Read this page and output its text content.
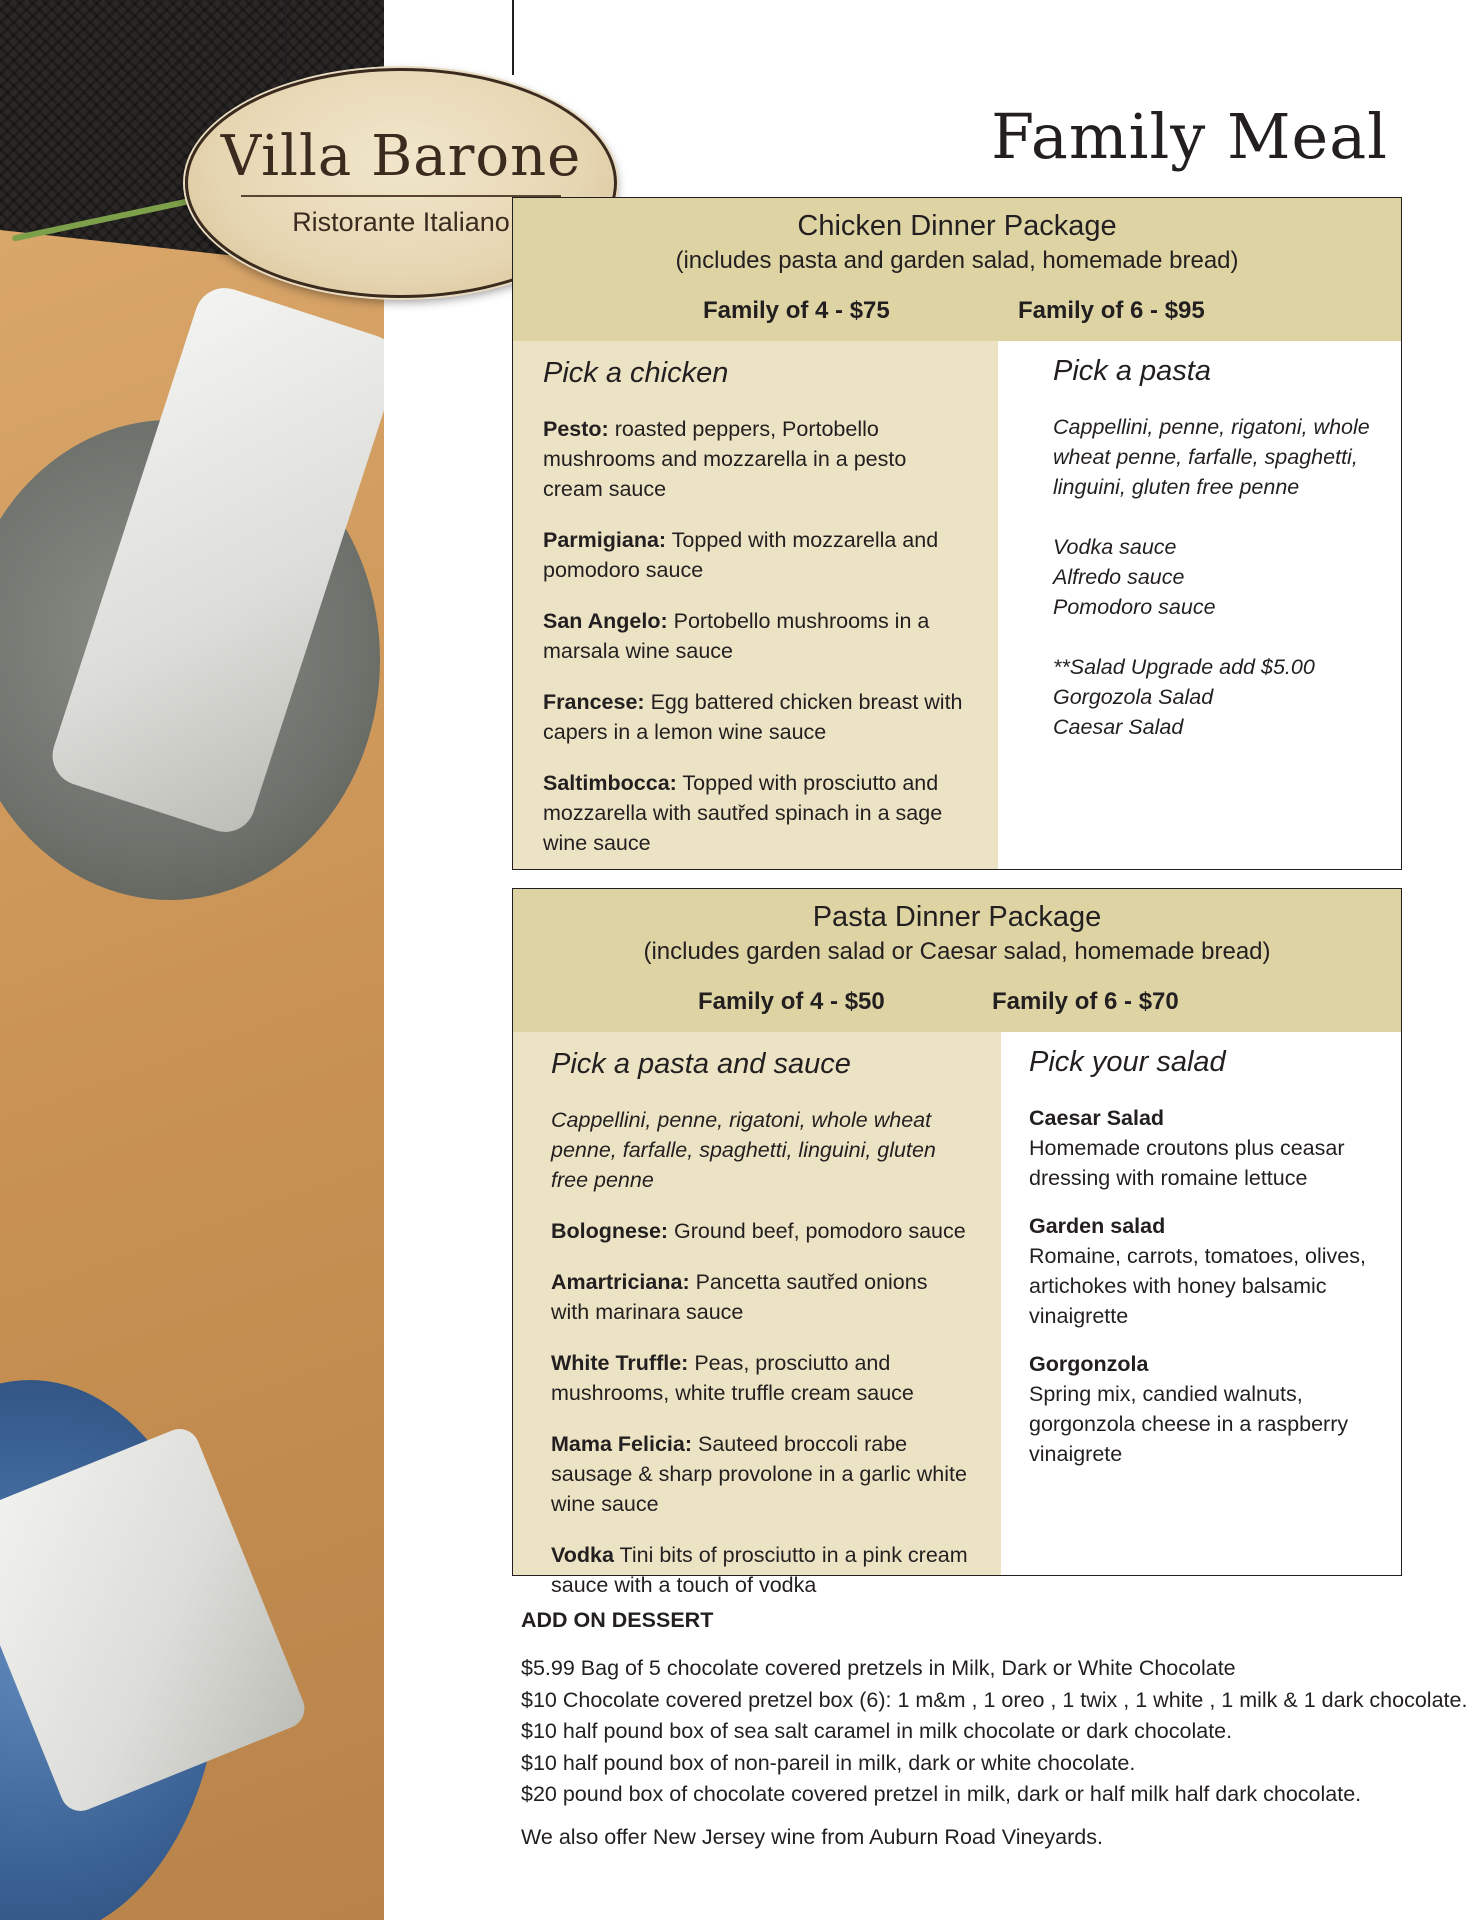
Villa Barone
Ristorante Italiano
Family Meal
Chicken Dinner Package
(includes pasta and garden salad, homemade bread)
Family of 4 - $75	Family of 6 - $95
Pick a chicken
Pesto: roasted peppers, Portobello mushrooms and mozzarella in a pesto cream sauce
Parmigiana: Topped with mozzarella and pomodoro sauce
San Angelo: Portobello mushrooms in a marsala wine sauce
Francese: Egg battered chicken breast with capers in a lemon wine sauce
Saltimbocca: Topped with prosciutto and mozzarella with sautřed spinach in a sage wine sauce
Pick a pasta
Cappellini, penne, rigatoni, whole
wheat penne, farfalle, spaghetti,
linguini, gluten free penne
Vodka sauce
Alfredo sauce
Pomodoro sauce
**Salad Upgrade add $5.00
Gorgozola Salad
Caesar Salad
Pasta Dinner Package
(includes garden salad or Caesar salad, homemade bread)
Family of 4 - $50	Family of 6 - $70
Pick a pasta and sauce
Cappellini, penne, rigatoni, whole wheat penne, farfalle, spaghetti, linguini, gluten free penne
Bolognese: Ground beef, pomodoro sauce
Amartriciana: Pancetta sautřed onions with marinara sauce
White Truffle: Peas, prosciutto and mushrooms, white truffle cream sauce
Mama Felicia: Sauteed broccoli rabe sausage & sharp provolone in a garlic white wine sauce
Vodka Tini bits of prosciutto in a pink cream sauce with a touch of vodka
Pick your salad
Caesar Salad
Homemade croutons plus ceasar dressing with romaine lettuce
Garden salad
Romaine, carrots, tomatoes, olives, artichokes with honey balsamic vinaigrette
Gorgonzola
Spring mix, candied walnuts, gorgonzola cheese in a raspberry vinaigrete
ADD ON DESSERT
$5.99 Bag of 5 chocolate covered pretzels in Milk, Dark or White Chocolate
$10 Chocolate covered pretzel box (6): 1 m&m , 1 oreo , 1 twix , 1 white , 1 milk & 1 dark chocolate.
$10 half pound box of sea salt caramel in milk chocolate or dark chocolate.
$10 half pound box of non-pareil in milk, dark or white chocolate.
$20 pound box of chocolate covered pretzel in milk, dark or half milk half dark chocolate.
We also offer New Jersey wine from Auburn Road Vineyards.
